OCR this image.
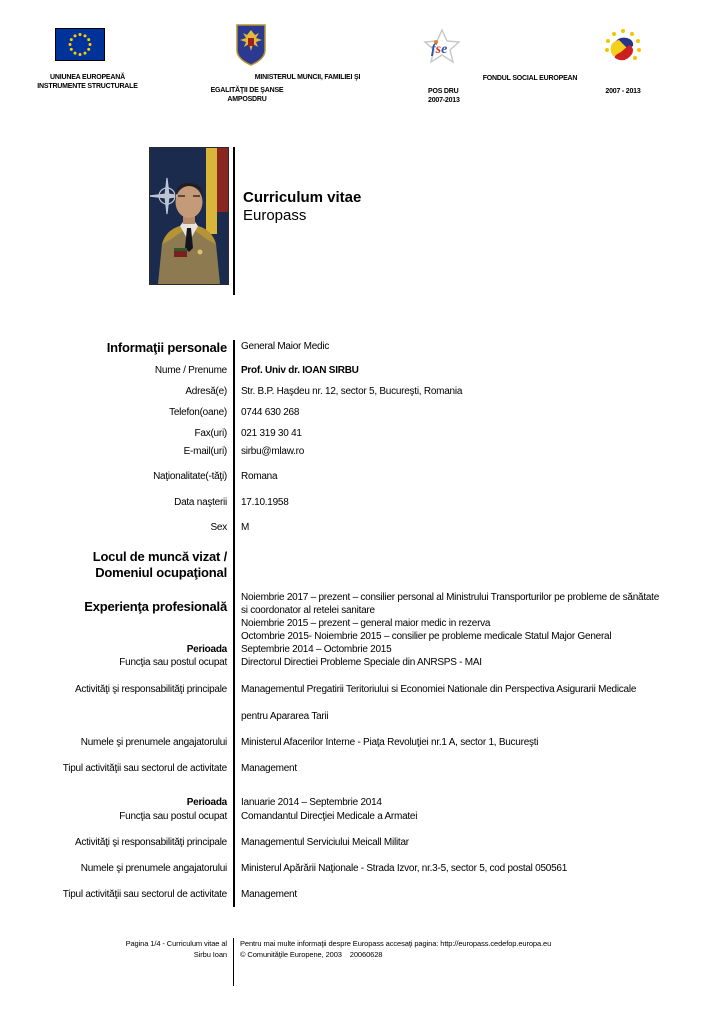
UNIUNEA EUROPEANĂ
INSTRUMENTE STRUCTURALE
MINISTERUL MUNCII, FAMILIEI ŞI
EGALITĂŢII DE ŞANSE
AMPOSDRU
fse
FONDUL SOCIAL EUROPEAN
POS DRU
2007-2013
2007 - 2013
Curriculum vitae
Europass
Informaţii personale	General Maior Medic
Nume / Prenume	Prof. Univ dr. IOAN SIRBU
Adresă(e)	Str. B.P. Haşdeu nr. 12, sector 5, Bucureşti, Romania
Telefon(oane)	0744 630 268
Fax(uri)	021 319 30 41
E-mail(uri)	sirbu@mlaw.ro
Naţionalitate(-tăţi)	Romana
Data naşterii	17.10.1958
Sex	M
Locul de muncă vizat /
Domeniul ocupaţional
Experienţa profesională
Noiembrie 2017 – prezent – consilier personal al Ministrului Transporturilor pe probleme de sănătate
si coordonator al retelei sanitare
Noiembrie 2015 – prezent – general maior medic in rezerva
Octombrie 2015- Noiembrie 2015 – consilier pe probleme medicale Statul Major General
Perioada	Septembrie 2014 – Octombrie 2015
Funcţia sau postul ocupat	Directorul Directiei Probleme Speciale din ANRSPS - MAI
Activităţi şi responsabilităţi principale	Managementul Pregatirii Teritoriului si Economiei Nationale din Perspectiva Asigurarii Medicale
pentru Apararea Tarii
Numele şi prenumele angajatorului	Ministerul Afacerilor Interne - Piaţa Revoluţiei nr.1 A, sector 1, Bucureşti
Tipul activităţii sau sectorul de activitate	Management
Perioada	Ianuarie 2014 – Septembrie 2014
Funcţia sau postul ocupat	Comandantul Direcţiei Medicale a Armatei
Activităţi şi responsabilităţi principale	Managementul Serviciului Meicall Militar
Numele şi prenumele angajatorului	Ministerul Apărării Naţionale - Strada Izvor, nr.3-5, sector 5, cod postal 050561
Tipul activităţii sau sectorul de activitate	Management
Pagina 1/4 - Curriculum vitae al
Sirbu Ioan
Pentru mai multe informaţii despre Europass accesaţi pagina: http://europass.cedefop.europa.eu
© Comunităţile Europene, 2003    20060628
